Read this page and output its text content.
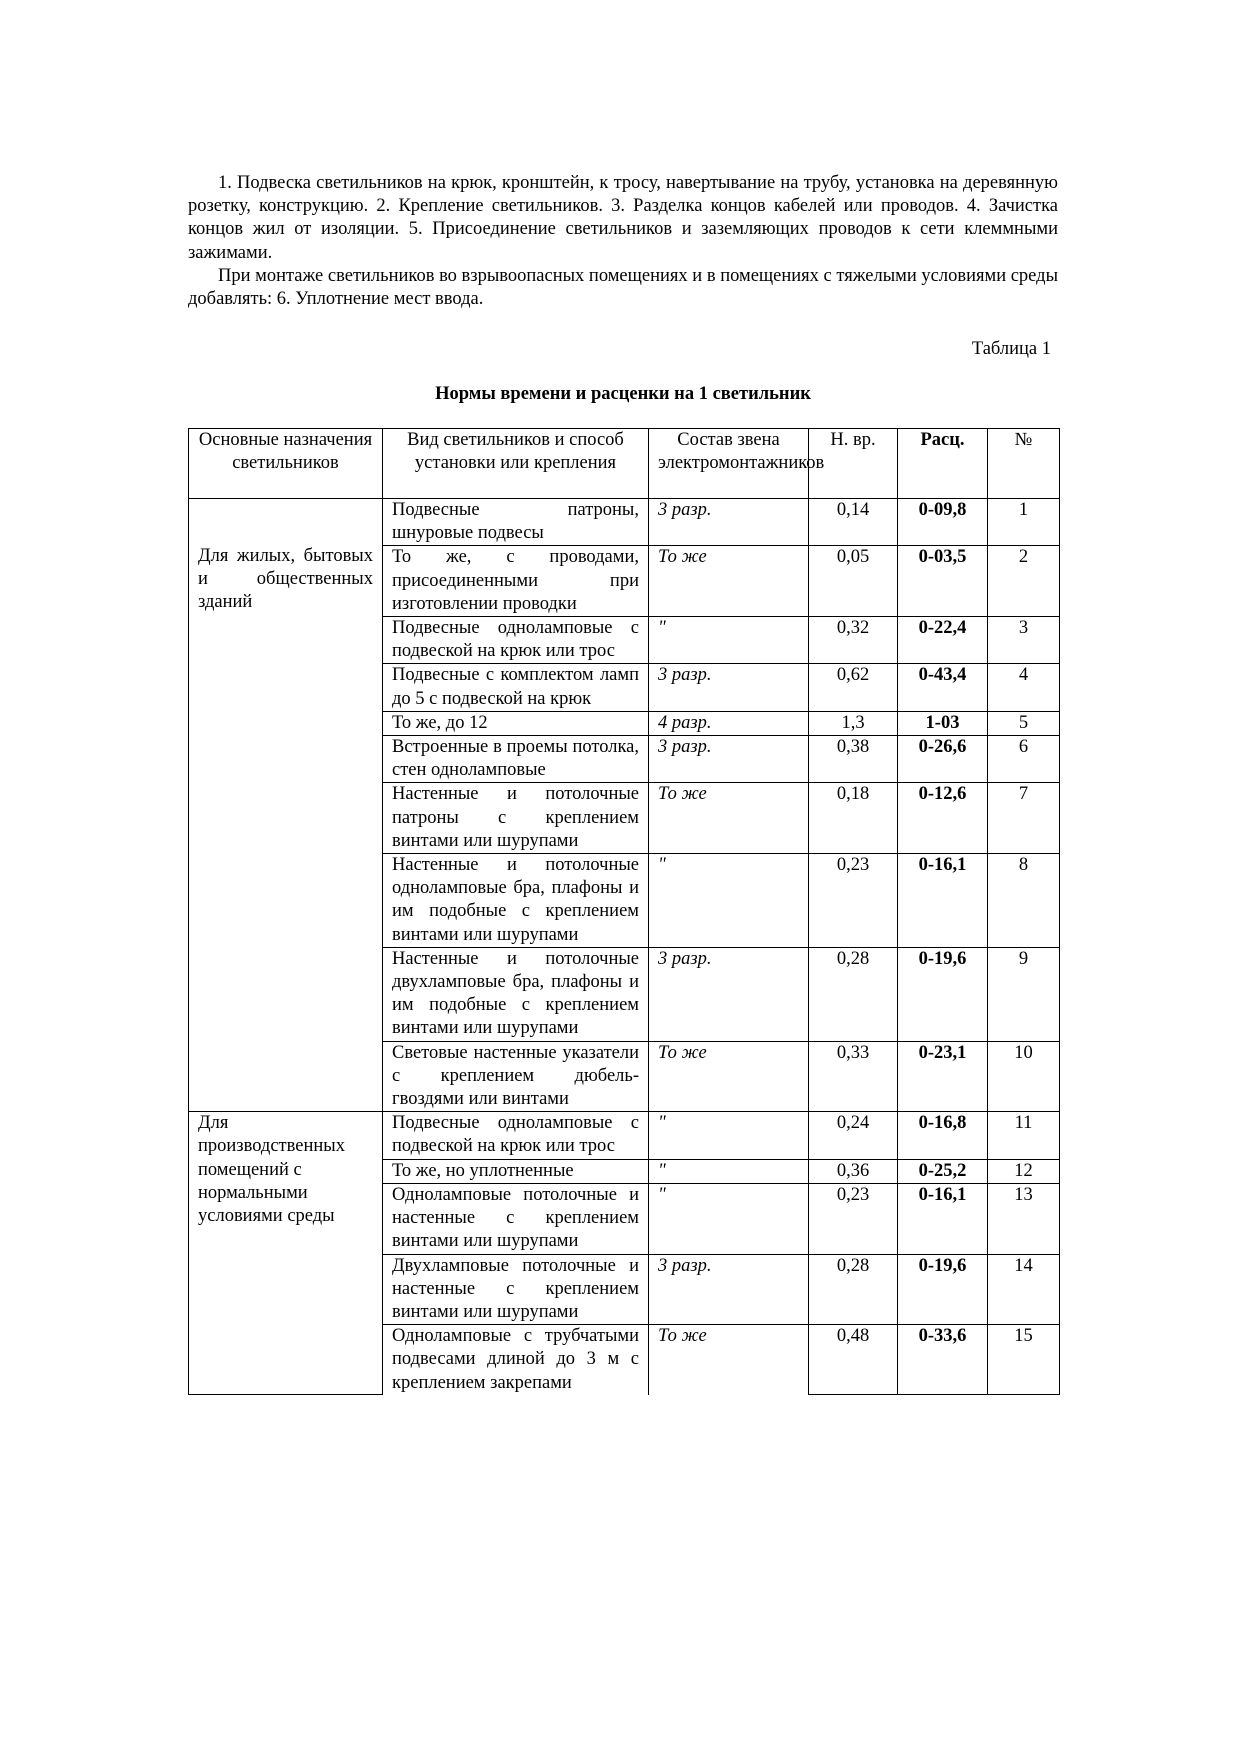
1. Подвеска светильников на крюк, кронштейн, к тросу, навертывание на трубу, установка на деревянную розетку, конструкцию. 2. Крепление светильников. 3. Разделка концов кабелей или проводов. 4. Зачистка концов жил от изоляции. 5. Присоединение светильников и заземляющих проводов к сети клеммными зажимами.

При монтаже светильников во взрывоопасных помещениях и в помещениях с тяжелыми условиями среды добавлять: 6. Уплотнение мест ввода.

Таблица 1
Нормы времени и расценки на 1 светильник
Основные назначения светильников	Вид светильников и способ установки или крепления	Состав звена электромонтажников	Н. вр.	Расц.	№

Для жилых, бытовых и общественных зданий	Подвесные патроны, шнуровые подвесы	3 разр.	0,14	0-09,8	1
	То же, с проводами, присоединенными при изготовлении проводки	То же	0,05	0-03,5	2
	Подвесные одноламповые с подвеской на крюк или трос	"	0,32	0-22,4	3
	Подвесные с комплектом ламп до 5 с подвеской на крюк	3 разр.	0,62	0-43,4	4
	То же, до 12	4 разр.	1,3	1-03	5
	Встроенные в проемы потолка, стен одноламповые	3 разр.	0,38	0-26,6	6
	Настенные и потолочные патроны с креплением винтами или шурупами	То же	0,18	0-12,6	7
	Настенные и потолочные одноламповые бра, плафоны и им подобные с креплением винтами или шурупами	"	0,23	0-16,1	8
	Настенные и потолочные двухламповые бра, плафоны и им подобные с креплением винтами или шурупами	3 разр.	0,28	0-19,6	9
	Световые настенные указатели с креплением дюбель-гвоздями или винтами	То же	0,33	0-23,1	10

Для производственных помещений с нормальными условиями среды	Подвесные одноламповые с подвеской на крюк или трос	"	0,24	0-16,8	11
	То же, но уплотненные	"	0,36	0-25,2	12
	Одноламповые потолочные и настенные с креплением винтами или шурупами	"	0,23	0-16,1	13
	Двухламповые потолочные и настенные с креплением винтами или шурупами	3 разр.	0,28	0-19,6	14
	Одноламповые с трубчатыми подвесами длиной до 3 м с креплением закрепами	То же	0,48	0-33,6	15
